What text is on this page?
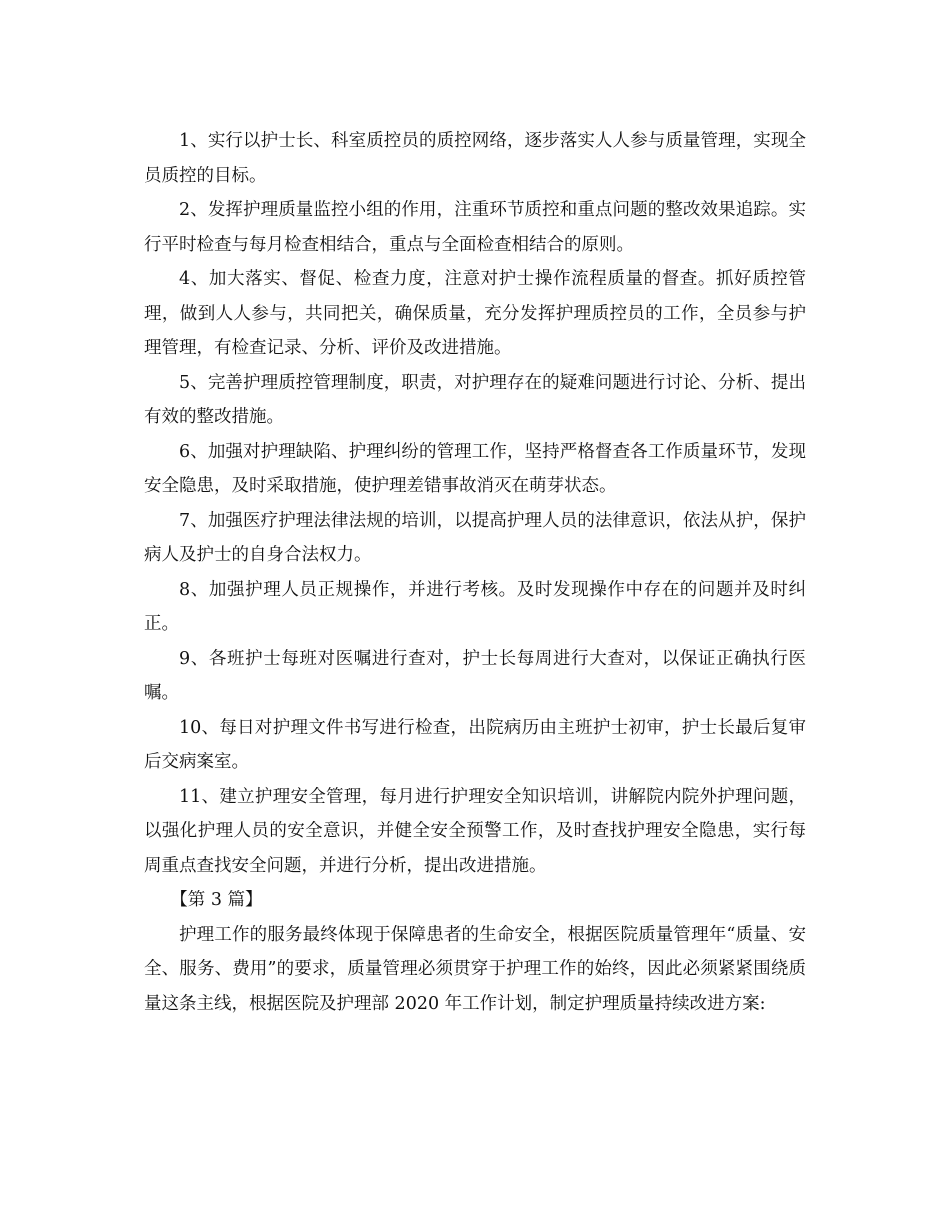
1、实行以护士长、科室质控员的质控网络，逐步落实人人参与质量管理，实现全员质控的目标。

2、发挥护理质量监控小组的作用，注重环节质控和重点问题的整改效果追踪。实行平时检查与每月检查相结合，重点与全面检查相结合的原则。

4、加大落实、督促、检查力度，注意对护士操作流程质量的督查。抓好质控管理，做到人人参与，共同把关，确保质量，充分发挥护理质控员的工作，全员参与护理管理，有检查记录、分析、评价及改进措施。

5、完善护理质控管理制度，职责，对护理存在的疑难问题进行讨论、分析、提出有效的整改措施。

6、加强对护理缺陷、护理纠纷的管理工作，坚持严格督查各工作质量环节，发现安全隐患，及时采取措施，使护理差错事故消灭在萌芽状态。

7、加强医疗护理法律法规的培训，以提高护理人员的法律意识，依法从护，保护病人及护士的自身合法权力。

8、加强护理人员正规操作，并进行考核。及时发现操作中存在的问题并及时纠正。

9、各班护士每班对医嘱进行查对，护士长每周进行大查对，以保证正确执行医嘱。

10、每日对护理文件书写进行检查，出院病历由主班护士初审，护士长最后复审后交病案室。

11、建立护理安全管理，每月进行护理安全知识培训，讲解院内院外护理问题，以强化护理人员的安全意识，并健全安全预警工作，及时查找护理安全隐患，实行每周重点查找安全问题，并进行分析，提出改进措施。

【第 3 篇】

护理工作的服务最终体现于保障患者的生命安全，根据医院质量管理年“质量、安全、服务、费用”的要求，质量管理必须贯穿于护理工作的始终，因此必须紧紧围绕质量这条主线，根据医院及护理部 2020 年工作计划，制定护理质量持续改进方案:
